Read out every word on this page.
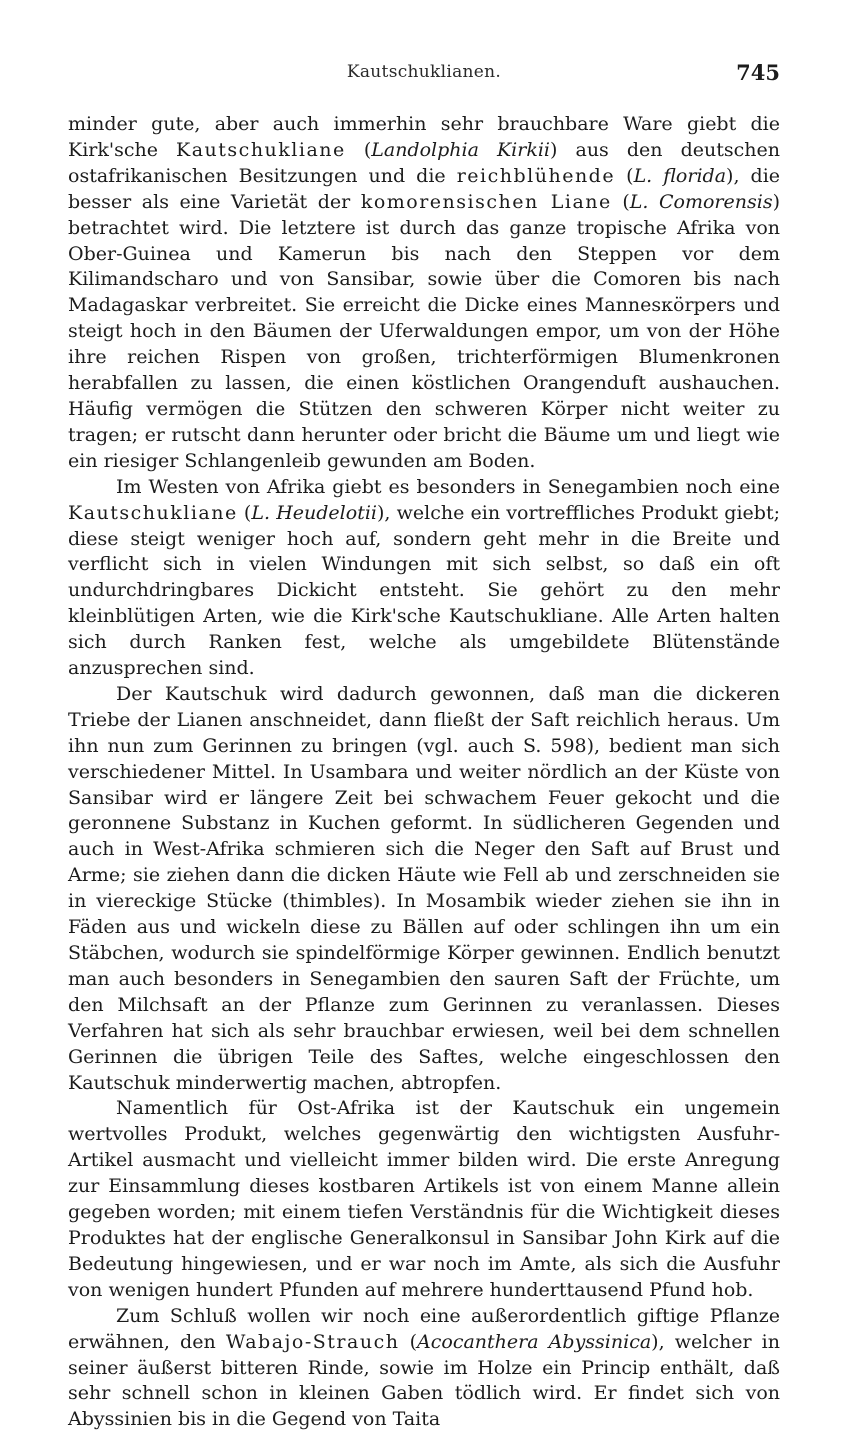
Kautschuklianen.	745

minder gute, aber auch immerhin sehr brauchbare Ware giebt die Kirk'sche Kautschukliane (Landolphia Kirkii) aus den deutschen ostafrikanischen Besitzungen und die reichblühende (L. florida), die besser als eine Varietät der komorensischen Liane (L. Comorensis) betrachtet wird. Die letztere ist durch das ganze tropische Afrika von Ober-Guinea und Kamerun bis nach den Steppen vor dem Kilimandscharo und von Sansibar, sowie über die Comoren bis nach Madagaskar verbreitet. Sie erreicht die Dicke eines Mannesкörpers und steigt hoch in den Bäumen der Uferwaldungen empor, um von der Höhe ihre reichen Rispen von großen, trichterförmigen Blumenkronen herabfallen zu lassen, die einen köstlichen Orangenduft aushauchen. Häufig vermögen die Stützen den schweren Körper nicht weiter zu tragen; er rutscht dann herunter oder bricht die Bäume um und liegt wie ein riesiger Schlangenleib gewunden am Boden.

Im Westen von Afrika giebt es besonders in Senegambien noch eine Kautschukliane (L. Heudelotii), welche ein vortreffliches Produkt giebt; diese steigt weniger hoch auf, sondern geht mehr in die Breite und verflicht sich in vielen Windungen mit sich selbst, so daß ein oft undurchdringbares Dickicht entsteht. Sie gehört zu den mehr kleinblütigen Arten, wie die Kirk'sche Kautschukliane. Alle Arten halten sich durch Ranken fest, welche als umgebildete Blütenstände anzusprechen sind.

Der Kautschuk wird dadurch gewonnen, daß man die dickeren Triebe der Lianen anschneidet, dann fließt der Saft reichlich heraus. Um ihn nun zum Gerinnen zu bringen (vgl. auch S. 598), bedient man sich verschiedener Mittel. In Usambara und weiter nördlich an der Küste von Sansibar wird er längere Zeit bei schwachem Feuer gekocht und die geronnene Substanz in Kuchen geformt. In südlicheren Gegenden und auch in West-Afrika schmieren sich die Neger den Saft auf Brust und Arme; sie ziehen dann die dicken Häute wie Fell ab und zerschneiden sie in viereckige Stücke (thimbles). In Mosambik wieder ziehen sie ihn in Fäden aus und wickeln diese zu Bällen auf oder schlingen ihn um ein Stäbchen, wodurch sie spindelförmige Körper gewinnen. Endlich benutzt man auch besonders in Senegambien den sauren Saft der Früchte, um den Milchsaft an der Pflanze zum Gerinnen zu veranlassen. Dieses Verfahren hat sich als sehr brauchbar erwiesen, weil bei dem schnellen Gerinnen die übrigen Teile des Saftes, welche eingeschlossen den Kautschuk minderwertig machen, abtropfen.

Namentlich für Ost-Afrika ist der Kautschuk ein ungemein wertvolles Produkt, welches gegenwärtig den wichtigsten Ausfuhr-Artikel ausmacht und vielleicht immer bilden wird. Die erste Anregung zur Einsammlung dieses kostbaren Artikels ist von einem Manne allein gegeben worden; mit einem tiefen Verständnis für die Wichtigkeit dieses Produktes hat der englische Generalkonsul in Sansibar John Kirk auf die Bedeutung hingewiesen, und er war noch im Amte, als sich die Ausfuhr von wenigen hundert Pfunden auf mehrere hunderttausend Pfund hob.

Zum Schluß wollen wir noch eine außerordentlich giftige Pflanze erwähnen, den Wabajo-Strauch (Acocanthera Abyssinica), welcher in seiner äußerst bitteren Rinde, sowie im Holze ein Princip enthält, daß sehr schnell schon in kleinen Gaben tödlich wird. Er findet sich von Abyssinien bis in die Gegend von Taita
